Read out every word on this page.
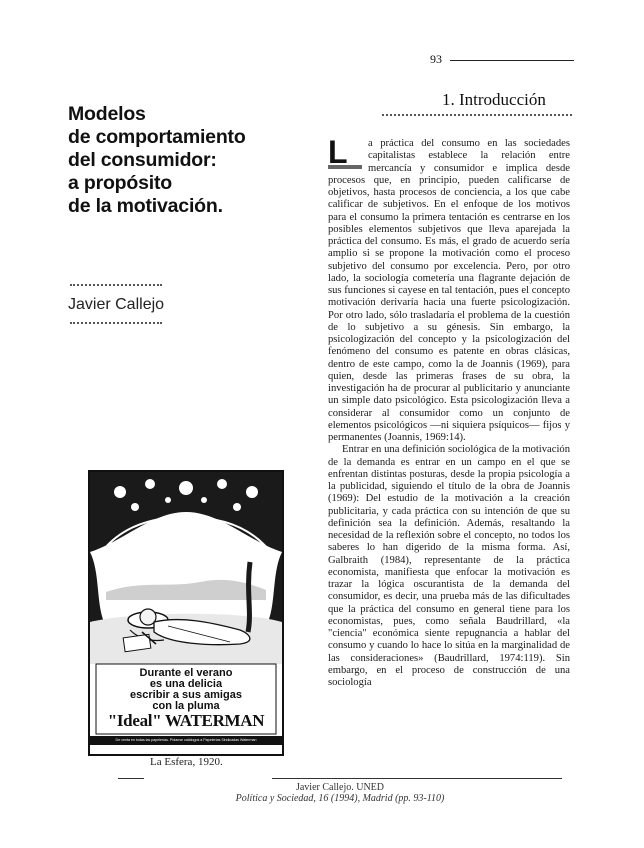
93
Modelos
de comportamiento
del consumidor:
a propósito
de la motivación.
Javier Callejo
1. Introducción

L	a práctica del consumo en las sociedades capitalistas establece la relación entre mercancía y consumidor e implica desde procesos que, en principio, pueden calificarse de objetivos, hasta procesos de conciencia, a los que cabe calificar de subjetivos. En el enfoque de los motivos para el consumo la primera tentación es centrarse en los posibles elementos subjetivos que lleva aparejada la práctica del consumo. Es más, el grado de acuerdo sería amplio si se propone la motivación como el proceso subjetivo del consumo por excelencia. Pero, por otro lado, la sociología cometería una flagrante dejación de sus funciones si cayese en tal tentación, pues el concepto motivación derivaría hacia una fuerte psicologización. Por otro lado, sólo trasladaría el problema de la cuestión de lo subjetivo a su génesis. Sin embargo, la psicologización del concepto y la psicologización del fenómeno del consumo es patente en obras clásicas, dentro de este campo, como la de Joannis (1969), para quien, desde las primeras frases de su obra, la investigación ha de procurar al publicitario y anunciante un simple dato psicológico. Esta psicologización lleva a considerar al consumidor como un conjunto de elementos psicológicos —ni siquiera psíquicos— fijos y permanentes (Joannis, 1969:14).

Entrar en una definición sociológica de la motivación de la demanda es entrar en un campo en el que se enfrentan distintas posturas, desde la propia psicología a la publicidad, siguiendo el título de la obra de Joannis (1969): Del estudio de la motivación a la creación publicitaria, y cada práctica con su intención de que su definición sea la definición. Además, resaltando la necesidad de la reflexión sobre el concepto, no todos los saberes lo han digerido de la misma forma. Así, Galbraith (1984), representante de la práctica economista, manifiesta que enfocar la motivación es trazar la lógica oscurantista de la demanda del consumidor, es decir, una prueba más de las dificultades que la práctica del consumo en general tiene para los economistas, pues, como señala Baudrillard, «la "ciencia" económica siente repugnancia a hablar del consumo y cuando lo hace lo sitúa en la marginalidad de las consideraciones» (Baudrillard, 1974:119). Sin embargo, en el proceso de construcción de una sociología

Durante el verano
es una delicia
escribir a sus amigas
con la pluma
"Ideal" WATERMAN
De venta en todas las papelerías. Pídanse catálogos a Papelerías Sindicadas Waterman
La Esfera, 1920.
Javier Callejo. UNED
Política y Sociedad, 16 (1994), Madrid (pp. 93-110)
